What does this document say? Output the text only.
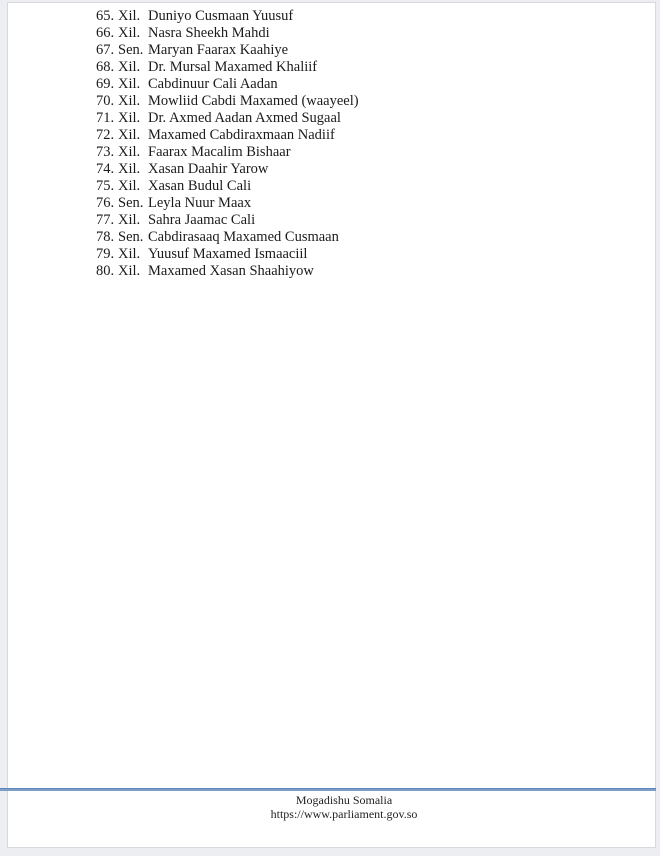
65. Xil. Duniyo Cusmaan Yuusuf
66. Xil. Nasra Sheekh Mahdi
67. Sen. Maryan Faarax Kaahiye
68. Xil. Dr. Mursal Maxamed Khaliif
69. Xil. Cabdinuur Cali Aadan
70. Xil. Mowliid Cabdi Maxamed (waayeel)
71. Xil. Dr. Axmed Aadan Axmed Sugaal
72. Xil. Maxamed Cabdiraxmaan Nadiif
73. Xil. Faarax Macalim Bishaar
74. Xil. Xasan Daahir Yarow
75. Xil. Xasan Budul Cali
76. Sen. Leyla Nuur Maax
77. Xil. Sahra Jaamac Cali
78. Sen. Cabdirasaaq Maxamed Cusmaan
79. Xil. Yuusuf Maxamed Ismaaciil
80. Xil. Maxamed Xasan Shaahiyow
Mogadishu Somalia
https://www.parliament.gov.so
